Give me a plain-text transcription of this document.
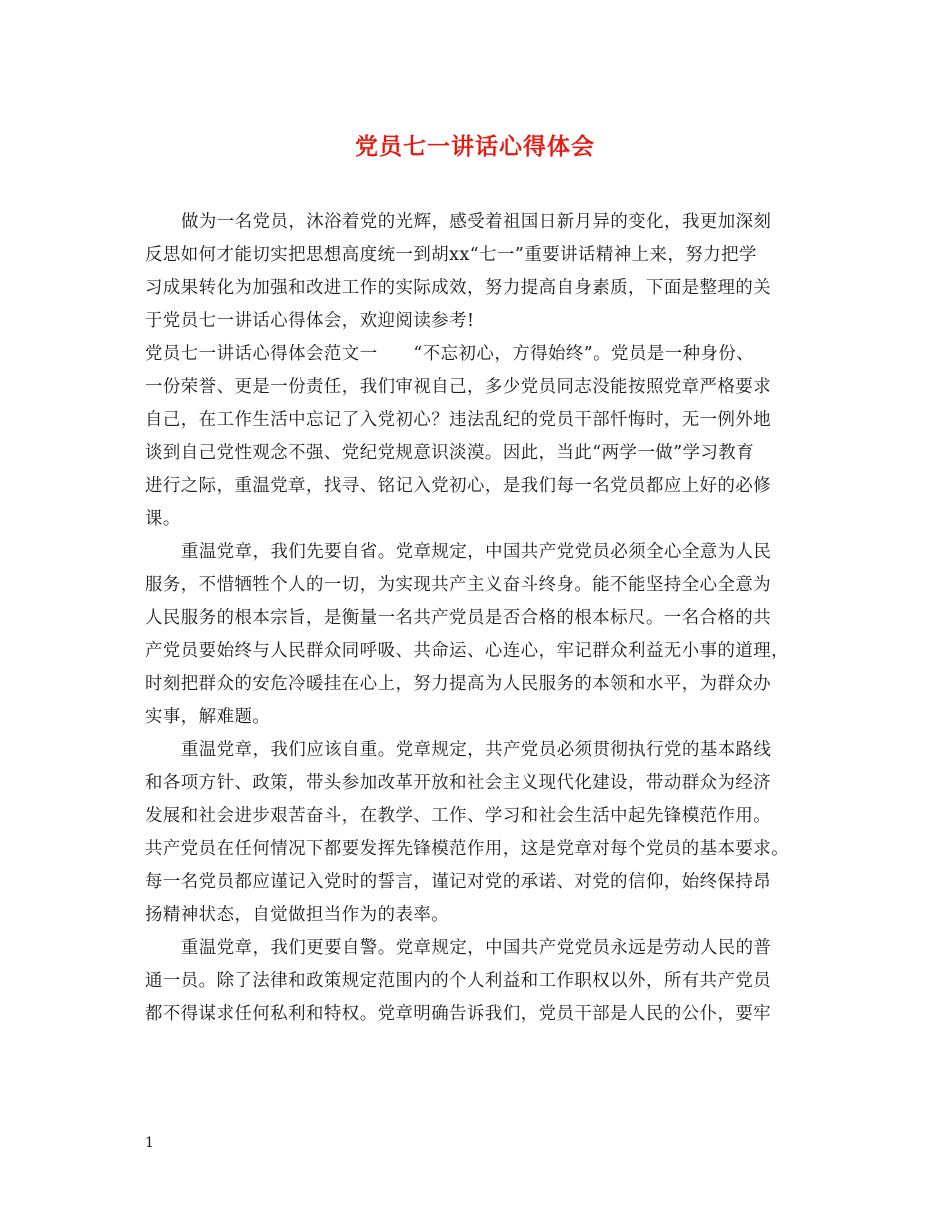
党员七一讲话心得体会
做为一名党员，沐浴着党的光辉，感受着祖国日新月异的变化，我更加深刻
反思如何才能切实把思想高度统一到胡xx“七一”重要讲话精神上来，努力把学
习成果转化为加强和改进工作的实际成效，努力提高自身素质，下面是整理的关
于党员七一讲话心得体会，欢迎阅读参考!
党员七一讲话心得体会范文一　　“不忘初心，方得始终”。党员是一种身份、
一份荣誉、更是一份责任，我们审视自己，多少党员同志没能按照党章严格要求
自己，在工作生活中忘记了入党初心？违法乱纪的党员干部忏悔时，无一例外地
谈到自己党性观念不强、党纪党规意识淡漠。因此，当此“两学一做”学习教育
进行之际，重温党章，找寻、铭记入党初心，是我们每一名党员都应上好的必修
课。
重温党章，我们先要自省。党章规定，中国共产党党员必须全心全意为人民
服务，不惜牺牲个人的一切，为实现共产主义奋斗终身。能不能坚持全心全意为
人民服务的根本宗旨，是衡量一名共产党员是否合格的根本标尺。一名合格的共
产党员要始终与人民群众同呼吸、共命运、心连心，牢记群众利益无小事的道理，
时刻把群众的安危冷暖挂在心上，努力提高为人民服务的本领和水平，为群众办
实事，解难题。
重温党章，我们应该自重。党章规定，共产党员必须贯彻执行党的基本路线
和各项方针、政策，带头参加改革开放和社会主义现代化建设，带动群众为经济
发展和社会进步艰苦奋斗，在教学、工作、学习和社会生活中起先锋模范作用。
共产党员在任何情况下都要发挥先锋模范作用，这是党章对每个党员的基本要求。
每一名党员都应谨记入党时的誓言，谨记对党的承诺、对党的信仰，始终保持昂
扬精神状态，自觉做担当作为的表率。
重温党章，我们更要自警。党章规定，中国共产党党员永远是劳动人民的普
通一员。除了法律和政策规定范围内的个人利益和工作职权以外，所有共产党员
都不得谋求任何私利和特权。党章明确告诉我们，党员干部是人民的公仆，要牢
1
